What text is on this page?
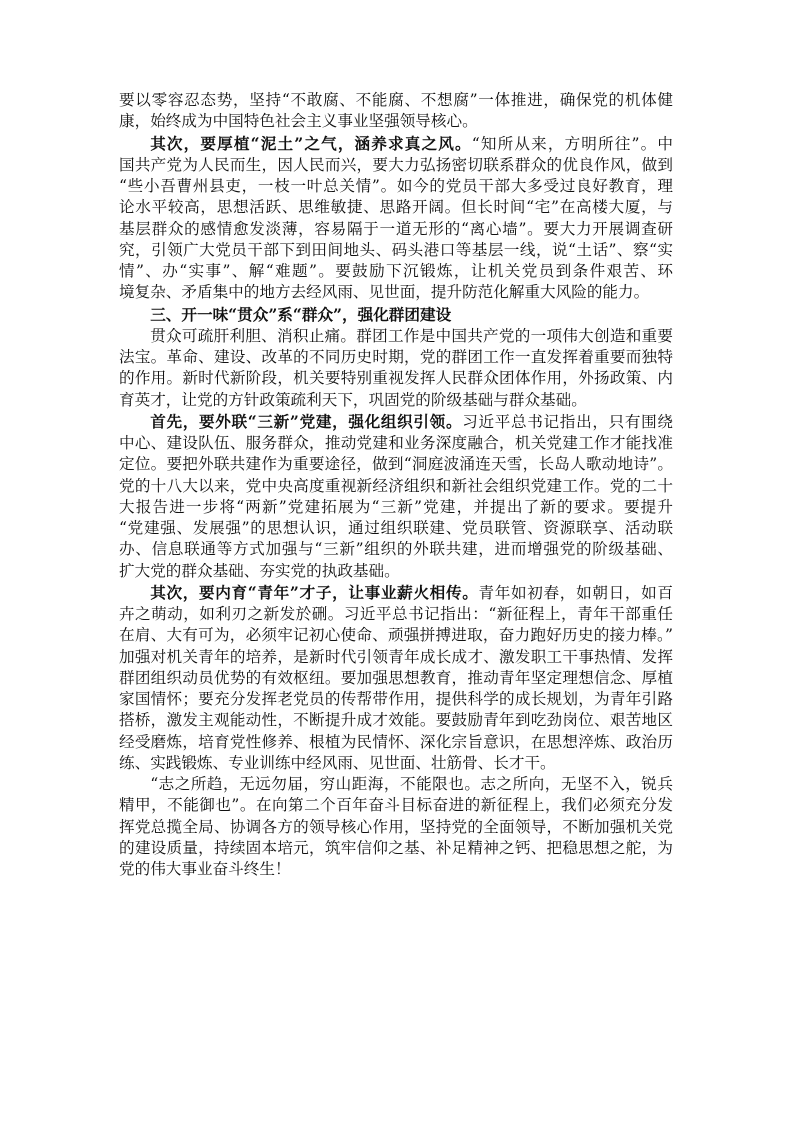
要以零容忍态势，坚持“不敢腐、不能腐、不想腐”一体推进，确保党的机体健
康，始终成为中国特色社会主义事业坚强领导核心。
其次，要厚植“泥土”之气，涵养求真之风。“知所从来，方明所往”。中
国共产党为人民而生，因人民而兴，要大力弘扬密切联系群众的优良作风，做到
“些小吾曹州县吏，一枝一叶总关情”。如今的党员干部大多受过良好教育，理
论水平较高，思想活跃、思维敏捷、思路开阔。但长时间“宅”在高楼大厦，与
基层群众的感情愈发淡薄，容易隔于一道无形的“离心墙”。要大力开展调查研
究，引领广大党员干部下到田间地头、码头港口等基层一线，说“土话”、察“实
情”、办“实事”、解“难题”。要鼓励下沉锻炼，让机关党员到条件艰苦、环
境复杂、矛盾集中的地方去经风雨、见世面，提升防范化解重大风险的能力。
三、开一味“贯众”系“群众”，强化群团建设
贯众可疏肝利胆、消积止痛。群团工作是中国共产党的一项伟大创造和重要
法宝。革命、建设、改革的不同历史时期，党的群团工作一直发挥着重要而独特
的作用。新时代新阶段，机关要特别重视发挥人民群众团体作用，外扬政策、内
育英才，让党的方针政策疏利天下，巩固党的阶级基础与群众基础。
首先，要外联“三新”党建，强化组织引领。习近平总书记指出，只有围绕
中心、建设队伍、服务群众，推动党建和业务深度融合，机关党建工作才能找准
定位。要把外联共建作为重要途径，做到“洞庭波涌连天雪，长岛人歌动地诗”。
党的十八大以来，党中央高度重视新经济组织和新社会组织党建工作。党的二十
大报告进一步将“两新”党建拓展为“三新”党建，并提出了新的要求。要提升
“党建强、发展强”的思想认识，通过组织联建、党员联管、资源联享、活动联
办、信息联通等方式加强与“三新”组织的外联共建，进而增强党的阶级基础、
扩大党的群众基础、夯实党的执政基础。
其次，要内育“青年”才子，让事业薪火相传。青年如初春，如朝日，如百
卉之萌动，如利刃之新发於硎。习近平总书记指出：“新征程上，青年干部重任
在肩、大有可为，必须牢记初心使命、顽强拼搏进取，奋力跑好历史的接力棒。”
加强对机关青年的培养，是新时代引领青年成长成才、激发职工干事热情、发挥
群团组织动员优势的有效枢纽。要加强思想教育，推动青年坚定理想信念、厚植
家国情怀；要充分发挥老党员的传帮带作用，提供科学的成长规划，为青年引路
搭桥，激发主观能动性，不断提升成才效能。要鼓励青年到吃劲岗位、艰苦地区
经受磨炼，培育党性修养、根植为民情怀、深化宗旨意识，在思想淬炼、政治历
练、实践锻炼、专业训练中经风雨、见世面、壮筋骨、长才干。
“志之所趋，无远勿届，穷山距海，不能限也。志之所向，无坚不入，锐兵
精甲，不能御也”。在向第二个百年奋斗目标奋进的新征程上，我们必须充分发
挥党总揽全局、协调各方的领导核心作用，坚持党的全面领导，不断加强机关党
的建设质量，持续固本培元，筑牢信仰之基、补足精神之钙、把稳思想之舵，为
党的伟大事业奋斗终生！
